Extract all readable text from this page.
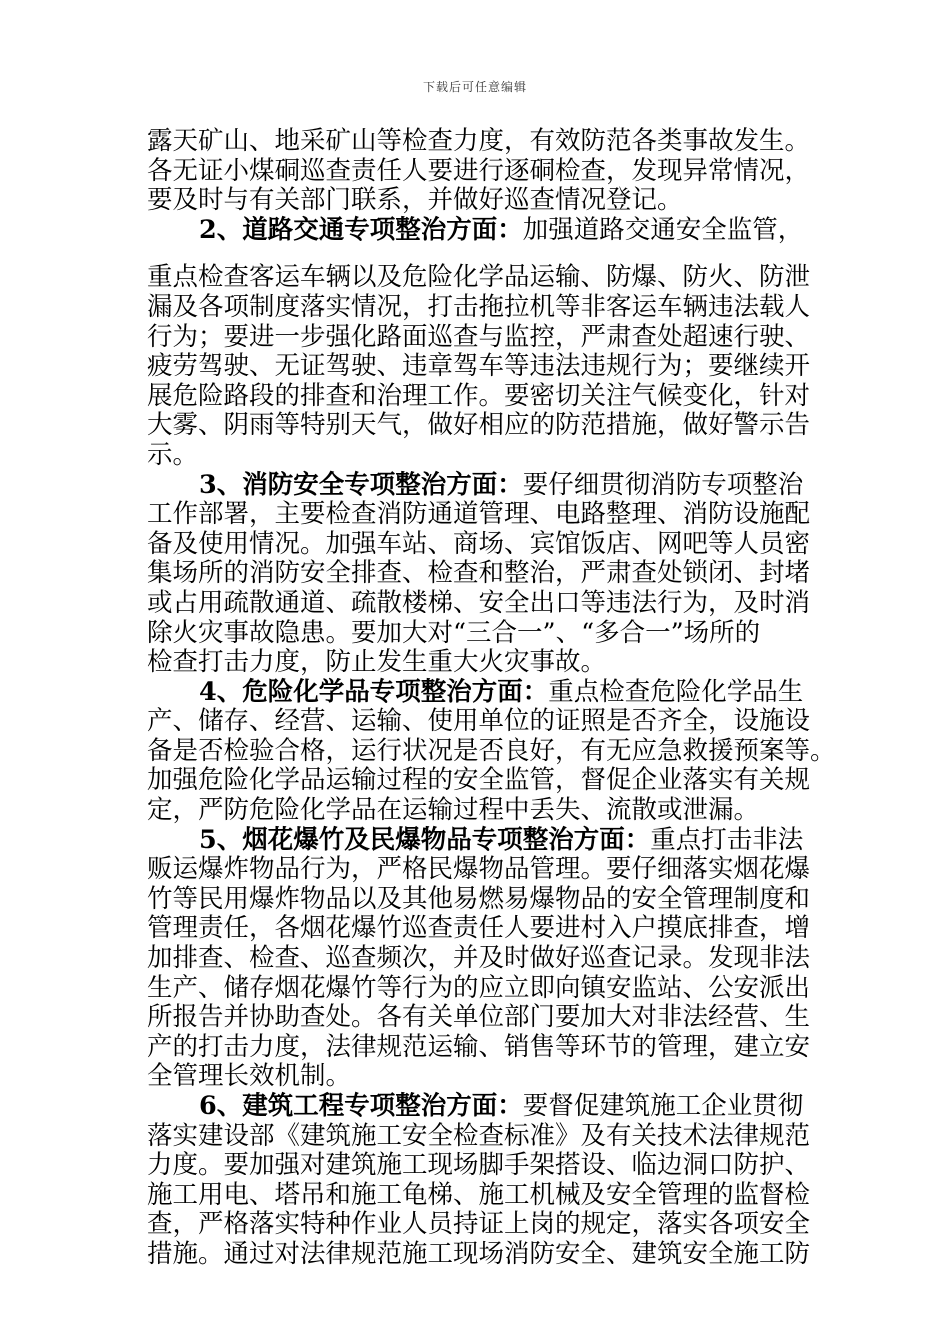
下载后可任意编辑
露天矿山、地采矿山等检查力度，有效防范各类事故发生。
各无证小煤硐巡查责任人要进行逐硐检查，发现异常情况，
要及时与有关部门联系，并做好巡查情况登记。
2、道路交通专项整治方面：加强道路交通安全监管，
重点检查客运车辆以及危险化学品运输、防爆、防火、防泄
漏及各项制度落实情况，打击拖拉机等非客运车辆违法载人
行为；要进一步强化路面巡查与监控，严肃查处超速行驶、
疲劳驾驶、无证驾驶、违章驾车等违法违规行为；要继续开
展危险路段的排查和治理工作。要密切关注气候变化，针对
大雾、阴雨等特别天气，做好相应的防范措施，做好警示告
示。
3、消防安全专项整治方面：要仔细贯彻消防专项整治
工作部署，主要检查消防通道管理、电路整理、消防设施配
备及使用情况。加强车站、商场、宾馆饭店、网吧等人员密
集场所的消防安全排查、检查和整治，严肃查处锁闭、封堵
或占用疏散通道、疏散楼梯、安全出口等违法行为，及时消
除火灾事故隐患。要加大对“三合一”、“多合一”场所的
检查打击力度，防止发生重大火灾事故。
4、危险化学品专项整治方面：重点检查危险化学品生
产、储存、经营、运输、使用单位的证照是否齐全，设施设
备是否检验合格，运行状况是否良好，有无应急救援预案等。
加强危险化学品运输过程的安全监管，督促企业落实有关规
定，严防危险化学品在运输过程中丢失、流散或泄漏。
5、烟花爆竹及民爆物品专项整治方面：重点打击非法
贩运爆炸物品行为，严格民爆物品管理。要仔细落实烟花爆
竹等民用爆炸物品以及其他易燃易爆物品的安全管理制度和
管理责任，各烟花爆竹巡查责任人要进村入户摸底排查，增
加排查、检查、巡查频次，并及时做好巡查记录。发现非法
生产、储存烟花爆竹等行为的应立即向镇安监站、公安派出
所报告并协助查处。各有关单位部门要加大对非法经营、生
产的打击力度，法律规范运输、销售等环节的管理，建立安
全管理长效机制。
6、建筑工程专项整治方面：要督促建筑施工企业贯彻
落实建设部《建筑施工安全检查标准》及有关技术法律规范
力度。要加强对建筑施工现场脚手架搭设、临边洞口防护、
施工用电、塔吊和施工龟梯、施工机械及安全管理的监督检
查，严格落实特种作业人员持证上岗的规定，落实各项安全
措施。通过对法律规范施工现场消防安全、建筑安全施工防
